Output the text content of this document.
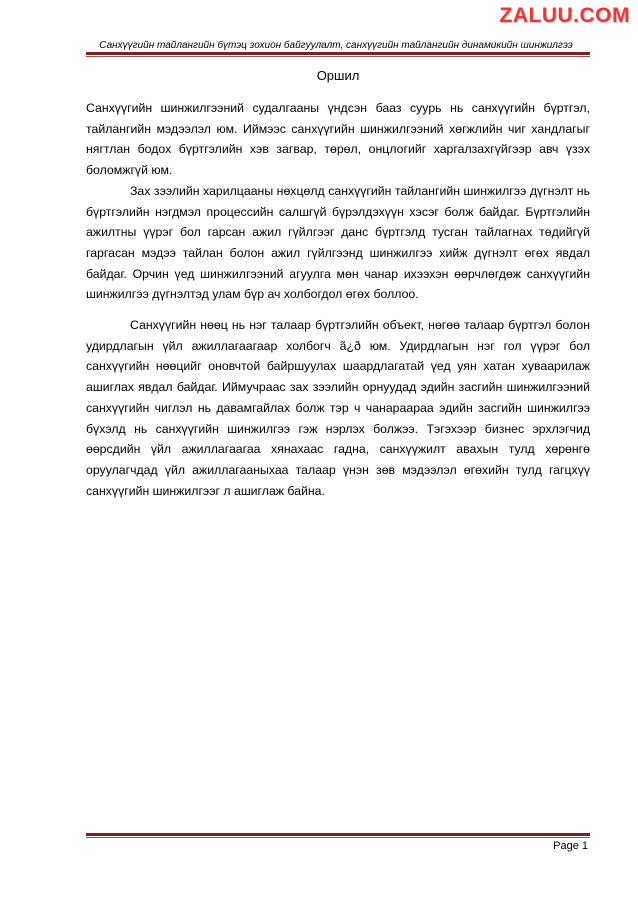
ZALUU.COM
Санхүүгийн тайлангийн бүтэц зохион байгуулалт, санхүүгийн тайлангийн динамикийн шинжилгээ
Оршил

Санхүүгийн шинжилгээний судалгааны үндсэн бааз суурь нь санхүүгийн бүртгэл, тайлангийн мэдээлэл юм. Иймээс санхүүгийн шинжилгээний хөгжлийн чиг хандлагыг нягтлан бодох бүртгэлийн хэв загвар, төрөл, онцлогийг харгалзахгүйгээр авч үзэх боломжгүй юм.

Зах зээлийн харилцааны нөхцөлд санхүүгийн тайлангийн шинжилгээ дүгнэлт нь бүртгэлийн нэгдмэл процессийн салшгүй бүрэлдэхүүн хэсэг болж байдаг. Бүртгэлийн ажилтны үүрэг бол гарсан ажил гүйлгээг данс бүртгэлд тусган тайлагнах төдийгүй гаргасан мэдээ тайлан болон ажил гүйлгээнд шинжилгээ хийж дүгнэлт өгөх явдал байдаг. Орчин үед шинжилгээний агуулга мөн чанар ихээхэн өөрчлөгдөж санхүүгийн шинжилгээ дүгнэлтэд улам бүр ач холбогдол өгөх боллоо.

Санхүүгийн нөөц нь нэг талаар бүртгэлийн объект, нөгөө талаар бүртгэл болон удирдлагын үйл ажиллагаагаар холбогч ã¿ð юм. Удирдлагын нэг гол үүрэг бол санхүүгийн нөөцийг оновчтой байршуулах шаардлагатай үед уян хатан хуваарилаж ашиглах явдал байдаг. Иймучраас зах зээлийн орнуудад эдийн засгийн шинжилгээний санхүүгийн чиглэл нь давамгайлах болж тэр ч чанараараа эдийн засгийн шинжилгээ бүхэлд нь санхүүгийн шинжилгээ гэж нэрлэх болжээ. Тэгэхээр бизнес эрхлэгчид өөрсдийн үйл ажиллагаагаа хянахаас гадна, санхүүжилт авахын тулд хөрөнгө оруулагчдад үйл ажиллагааныхаа талаар үнэн зөв мэдээлэл өгөхийн тулд гагцхүү санхүүгийн шинжилгээг л ашиглаж байна.

Page 1
